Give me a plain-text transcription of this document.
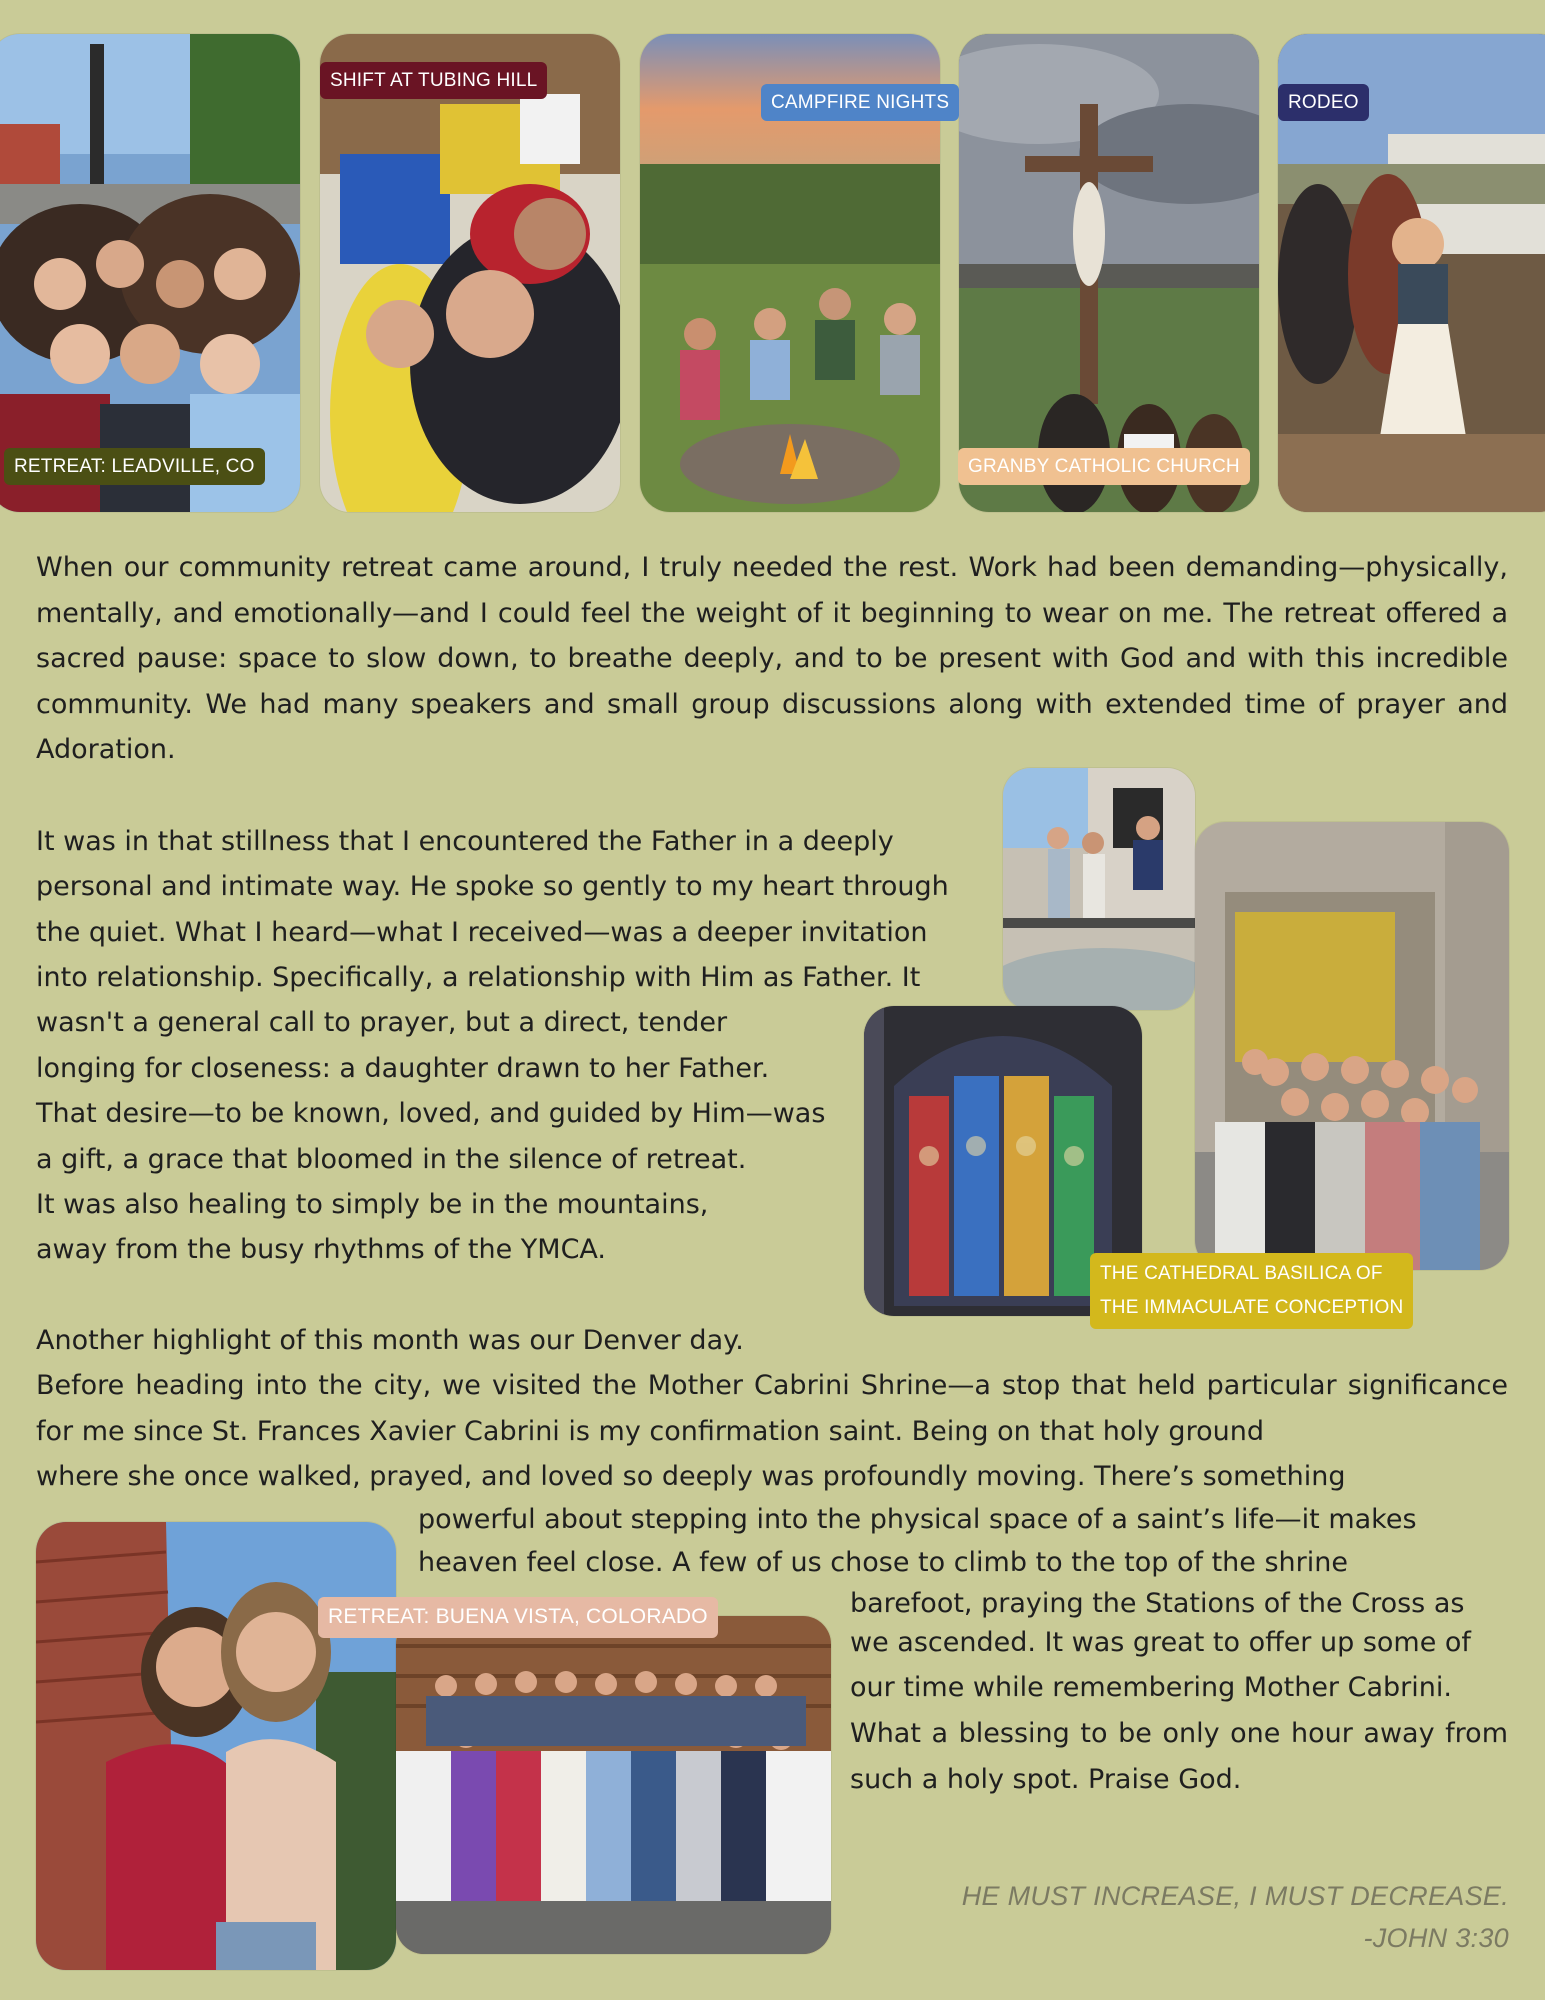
RETREAT: LEADVILLE, CO
SHIFT AT TUBING HILL
CAMPFIRE NIGHTS
GRANBY CATHOLIC CHURCH
RODEO

When our community retreat came around, I truly needed the rest. Work had been demanding—physically, mentally, and emotionally—and I could feel the weight of it beginning to wear on me. The retreat offered a sacred pause: space to slow down, to breathe deeply, and to be present with God and with this incredible community. We had many speakers and small group discussions along with extended time of prayer and Adoration.

It was in that stillness that I encountered the Father in a deeply
personal and intimate way. He spoke so gently to my heart through
the quiet. What I heard—what I received—was a deeper invitation
into relationship. Specifically, a relationship with Him as Father. It
wasn't a general call to prayer, but a direct, tender
longing for closeness: a daughter drawn to her Father.
That desire—to be known, loved, and guided by Him—was
a gift, a grace that bloomed in the silence of retreat.
It was also healing to simply be in the mountains,
away from the busy rhythms of the YMCA.
THE CATHEDRAL BASILICA OF
THE IMMACULATE CONCEPTION
Another highlight of this month was our Denver day.

Before heading into the city, we visited the Mother Cabrini Shrine—a stop that held particular significance for me since St. Frances Xavier Cabrini is my confirmation saint. Being on that holy ground

where she once walked, prayed, and loved so deeply was profoundly moving. There’s something
powerful about stepping into the physical space of a saint’s life—it makes
heaven feel close. A few of us chose to climb to the top of the shrine
barefoot, praying the Stations of the Cross as
we ascended. It was great to offer up some of
our time while remembering Mother Cabrini.

What a blessing to be only one hour away from such a holy spot. Praise God.

RETREAT: BUENA VISTA, COLORADO
HE MUST INCREASE, I MUST DECREASE.
-JOHN 3:30
